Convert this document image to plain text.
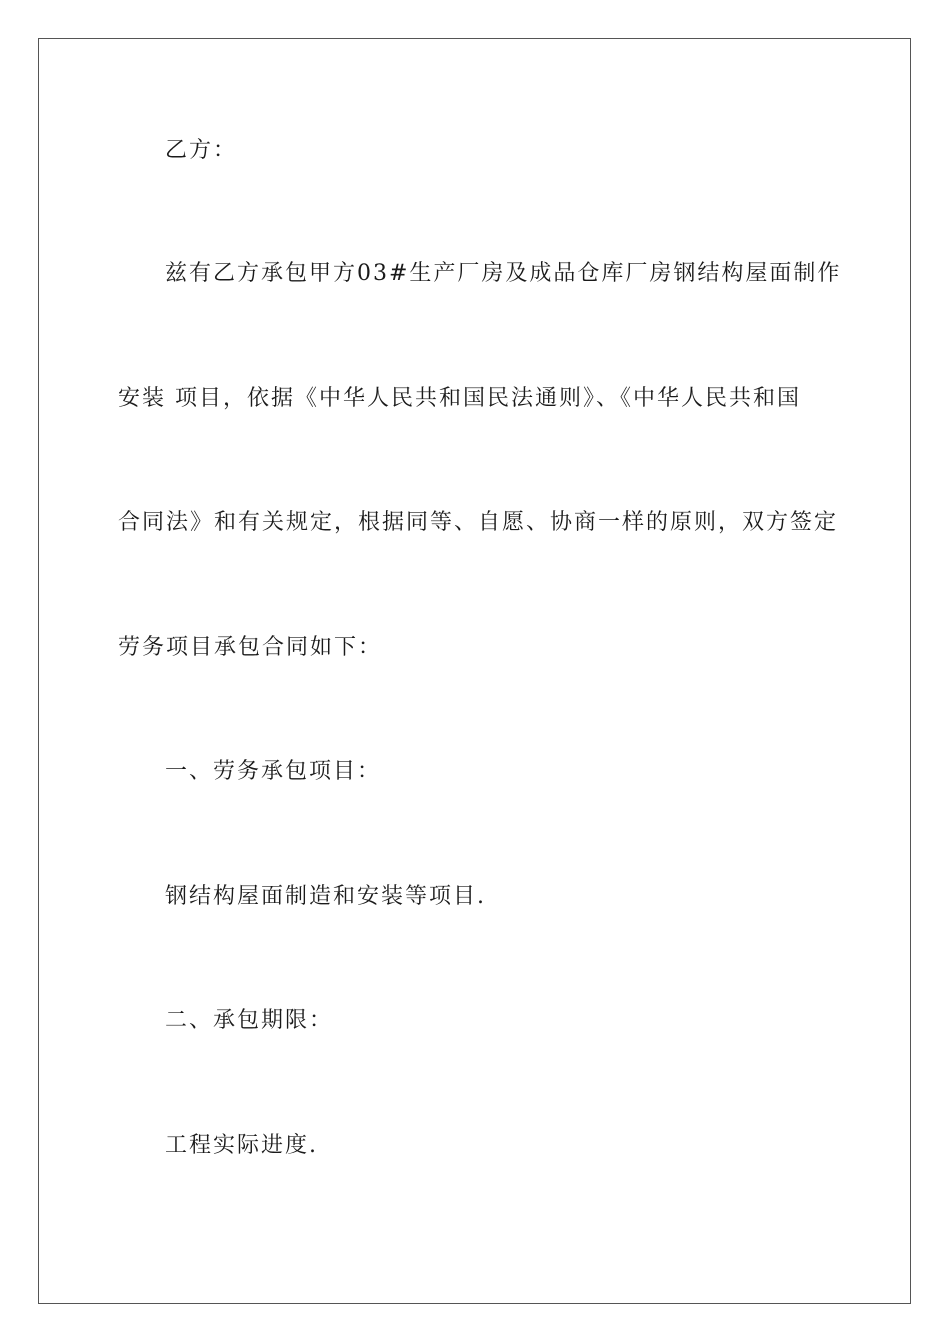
乙方：
兹有乙方承包甲方03#生产厂房及成品仓库厂房钢结构屋面制作
安装 项目，依据《中华人民共和国民法通则》、《中华人民共和国
合同法》和有关规定，根据同等、自愿、协商一样的原则，双方签定
劳务项目承包合同如下：
一、劳务承包项目：
钢结构屋面制造和安装等项目.
二、承包期限：
工程实际进度.
